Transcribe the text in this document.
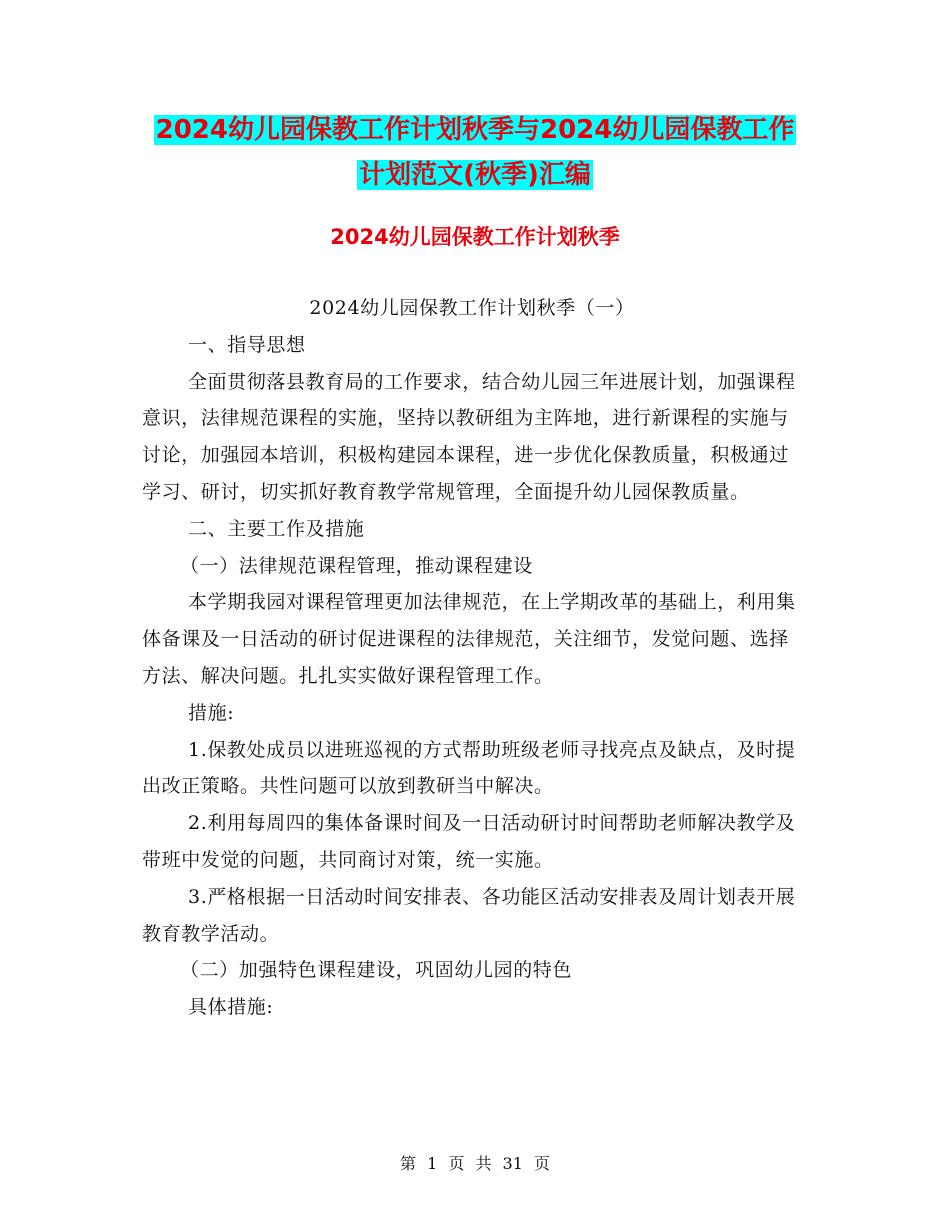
2024幼儿园保教工作计划秋季与2024幼儿园保教工作
计划范文(秋季)汇编
2024幼儿园保教工作计划秋季

2024幼儿园保教工作计划秋季（一）

一、指导思想

全面贯彻落县教育局的工作要求，结合幼儿园三年进展计划，加强课程意识，法律规范课程的实施，坚持以教研组为主阵地，进行新课程的实施与讨论，加强园本培训，积极构建园本课程，进一步优化保教质量，积极通过学习、研讨，切实抓好教育教学常规管理，全面提升幼儿园保教质量。

二、主要工作及措施

（一）法律规范课程管理，推动课程建设

本学期我园对课程管理更加法律规范，在上学期改革的基础上，利用集体备课及一日活动的研讨促进课程的法律规范，关注细节，发觉问题、选择方法、解决问题。扎扎实实做好课程管理工作。

措施:

1.保教处成员以进班巡视的方式帮助班级老师寻找亮点及缺点，及时提出改正策略。共性问题可以放到教研当中解决。

2.利用每周四的集体备课时间及一日活动研讨时间帮助老师解决教学及带班中发觉的问题，共同商讨对策，统一实施。

3.严格根据一日活动时间安排表、各功能区活动安排表及周计划表开展教育教学活动。

（二）加强特色课程建设，巩固幼儿园的特色

具体措施:

第 1 页 共 31 页
